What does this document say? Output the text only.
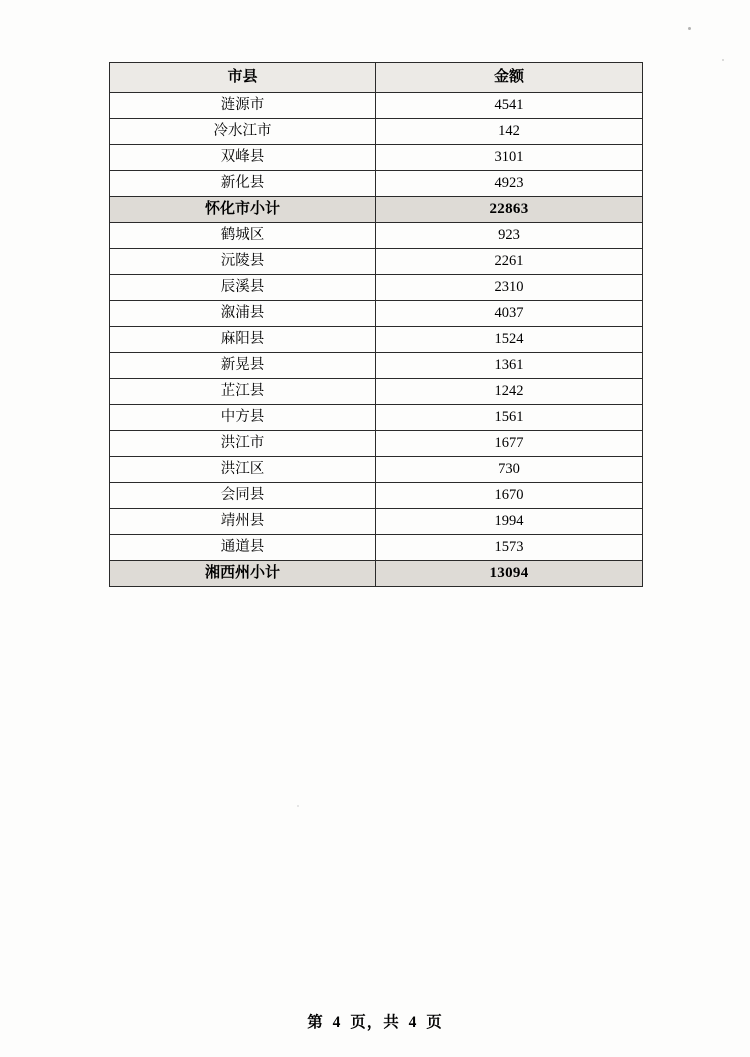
市县	金额
涟源市	4541
冷水江市	142
双峰县	3101
新化县	4923
怀化市小计	22863
鹤城区	923
沅陵县	2261
辰溪县	2310
溆浦县	4037
麻阳县	1524
新晃县	1361
芷江县	1242
中方县	1561
洪江市	1677
洪江区	730
会同县	1670
靖州县	1994
通道县	1573
湘西州小计	13094
第 4 页，共 4 页
